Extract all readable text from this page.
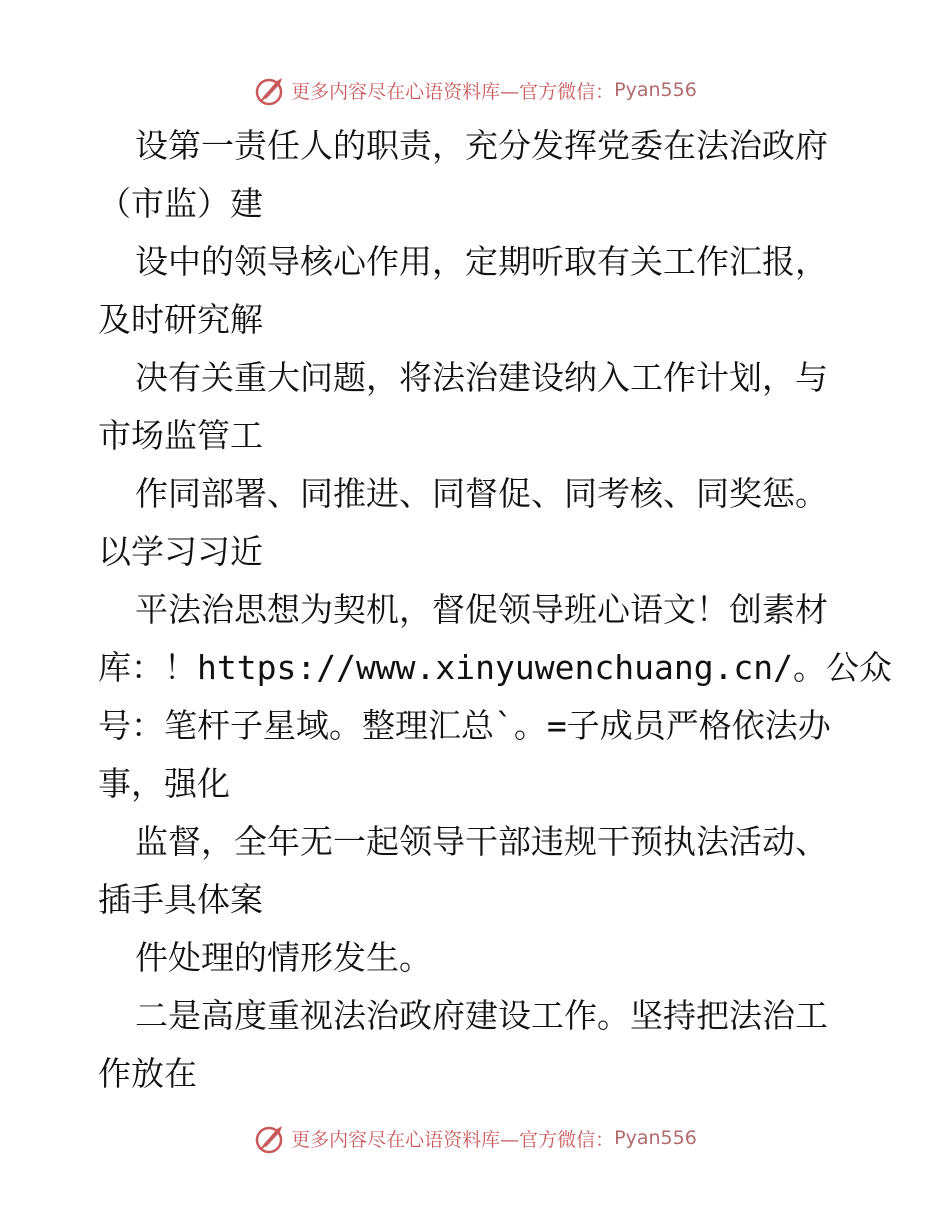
更多内容尽在心语资料库—官方微信： Pyan556
设第一责任人的职责，充分发挥党委在法治政府
（市监）建
设中的领导核心作用，定期听取有关工作汇报，
及时研究解
决有关重大问题，将法治建设纳入工作计划，与
市场监管工
作同部署、同推进、同督促、同考核、同奖惩。
以学习习近
平法治思想为契机，督促领导班心语文！创素材
库：！https://www.xinyuwenchuang.cn/。公众
号：笔杆子星域。整理汇总`。=子成员严格依法办
事，强化
监督，全年无一起领导干部违规干预执法活动、
插手具体案
件处理的情形发生。
二是高度重视法治政府建设工作。坚持把法治工
作放在
更多内容尽在心语资料库—官方微信： Pyan556
